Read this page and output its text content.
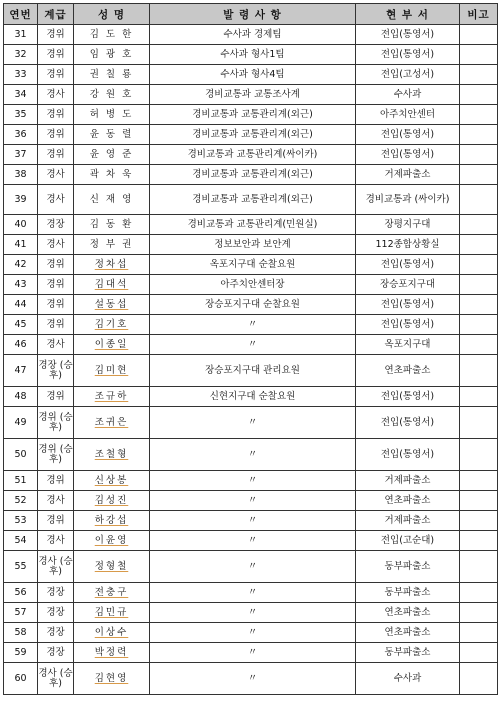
연번	계급	성 명	발 령 사 항	현 부 서	비고
31	경위	김 도 한	수사과 경제팀	전입(통영서)	
32	경위	임 광 호	수사과 형사1팀	전입(통영서)	
33	경위	권 칠 룡	수사과 형사4팀	전입(고성서)	
34	경사	강 원 호	경비교통과 교통조사계	수사과	
35	경위	허 병 도	경비교통과 교통관리계(외근)	아주치안센터	
36	경위	윤 동 렬	경비교통과 교통관리계(외근)	전입(통영서)	
37	경위	윤 영 준	경비교통과 교통관리계(싸이카)	전입(통영서)	
38	경사	곽 차 욱	경비교통과 교통관리계(외근)	거제파출소	
39	경사	신 재 영	경비교통과 교통관리계(외근)	경비교통과 (싸이카)	
40	경장	김 동 환	경비교통과 교통관리계(민원실)	장평지구대	
41	경사	정 부 권	정보보안과 보안계	112종합상황실	
42	경위	정차섭	옥포지구대 순찰요원	전입(통영서)	
43	경위	김대석	아주치안센터장	장승포지구대	
44	경위	설동섭	장승포지구대 순찰요원	전입(통영서)	
45	경위	김기호	〃	전입(통영서)	
46	경사	이종일	〃	옥포지구대	
47	경장 (승후)	김미현	장승포지구대 관리요원	연초파출소	
48	경위	조규하	신현지구대 순찰요원	전입(통영서)	
49	경위 (승후)	조귀은	〃	전입(통영서)	
50	경위 (승후)	조철형	〃	전입(통영서)	
51	경위	신상봉	〃	거제파출소	
52	경사	김성진	〃	연초파출소	
53	경위	하강섭	〃	거제파출소	
54	경사	이윤영	〃	전입(고순대)	
55	경사 (승후)	정형철	〃	동부파출소	
56	경장	전충구	〃	동부파출소	
57	경장	김민규	〃	연초파출소	
58	경장	이상수	〃	연초파출소	
59	경장	박정력	〃	동부파출소	
60	경사 (승후)	김현영	〃	수사과	
